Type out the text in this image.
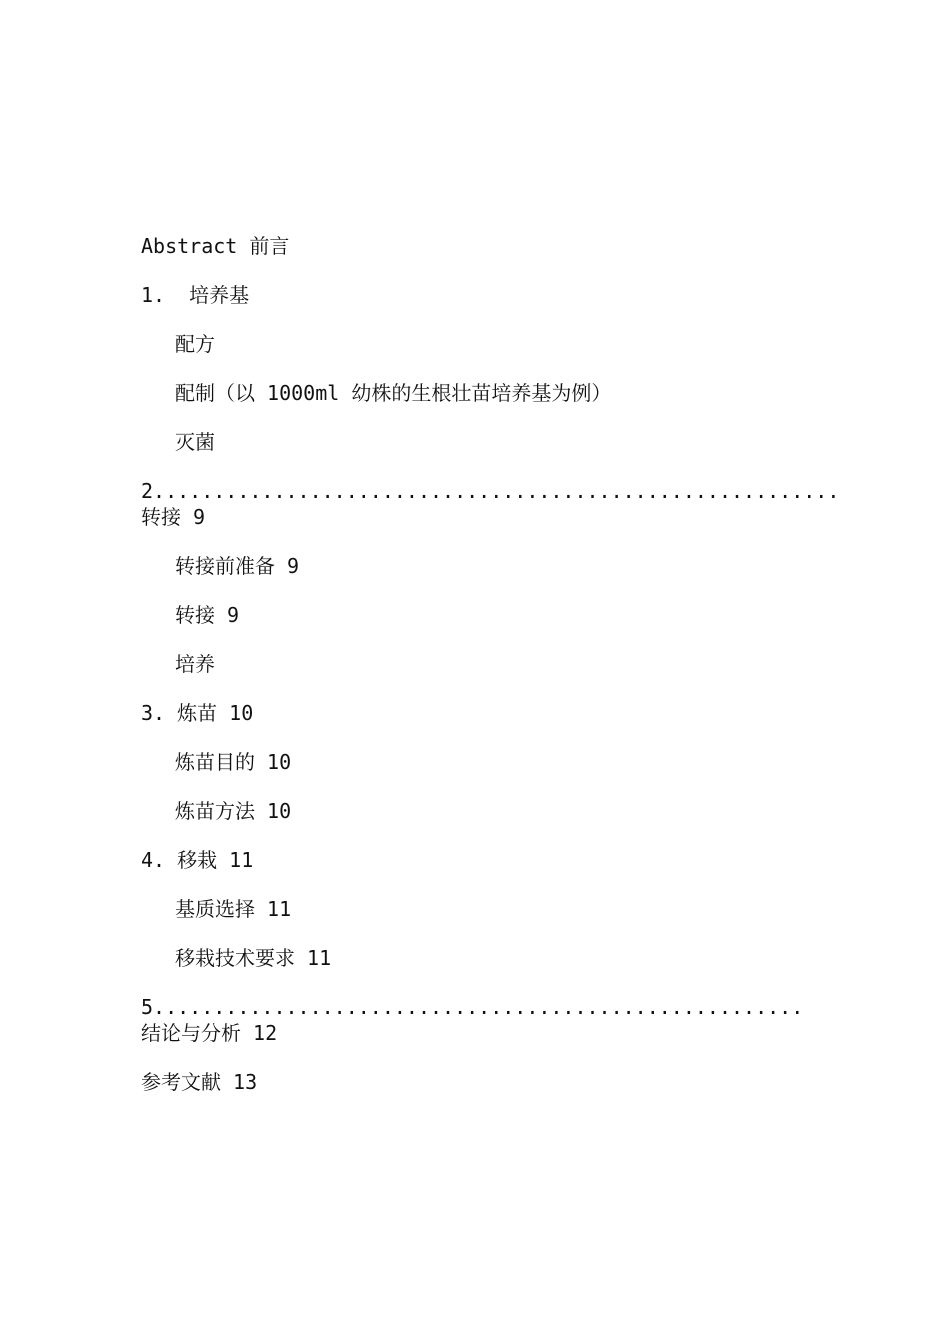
Abstract 前言

1.  培养基

配方

配制（以 1000ml 幼株的生根壮苗培养基为例）

灭菌

2.........................................................转接 9

转接前准备 9

转接 9

培养

3. 炼苗 10

炼苗目的 10

炼苗方法 10

4. 移栽 11

基质选择 11

移栽技术要求 11

5......................................................结论与分析 12

参考文献 13
